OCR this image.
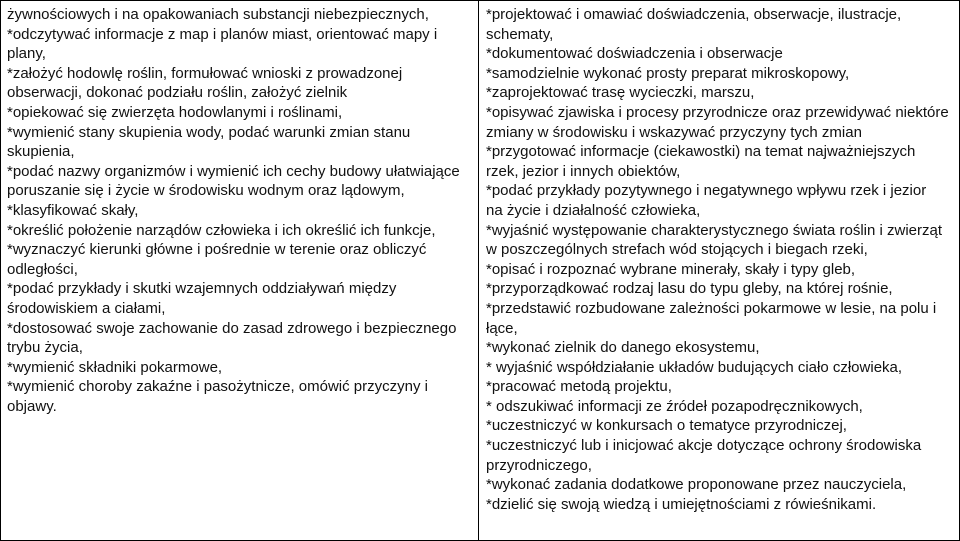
żywnościowych i na opakowaniach substancji niebezpiecznych,
*odczytywać informacje z map i planów miast, orientować mapy i
plany,
*założyć hodowlę roślin, formułować wnioski z prowadzonej
obserwacji, dokonać podziału roślin, założyć zielnik
*opiekować się zwierzęta hodowlanymi i roślinami,
*wymienić stany skupienia wody, podać warunki zmian stanu
skupienia,
*podać nazwy organizmów i wymienić ich cechy budowy ułatwiające
poruszanie się i życie w środowisku wodnym oraz lądowym,
*klasyfikować skały,
*określić położenie narządów człowieka i ich określić ich funkcje,
*wyznaczyć kierunki główne i pośrednie w terenie oraz obliczyć
odległości,
*podać przykłady i skutki wzajemnych oddziaływań między
środowiskiem a ciałami,
*dostosować swoje zachowanie do zasad zdrowego i bezpiecznego
trybu życia,
*wymienić składniki pokarmowe,
*wymienić choroby zakaźne i pasożytnicze, omówić przyczyny i
objawy.
*projektować i omawiać doświadczenia, obserwacje, ilustracje,
schematy,
*dokumentować doświadczenia i obserwacje
*samodzielnie wykonać prosty preparat mikroskopowy,
*zaprojektować trasę wycieczki, marszu,
*opisywać zjawiska i procesy przyrodnicze oraz przewidywać niektóre
zmiany w środowisku i wskazywać przyczyny tych zmian
*przygotować informacje (ciekawostki) na temat najważniejszych
rzek, jezior i innych obiektów,
*podać przykłady pozytywnego i negatywnego wpływu rzek i jezior
na życie i działalność człowieka,
*wyjaśnić występowanie charakterystycznego świata roślin i zwierząt
w poszczególnych strefach wód stojących i biegach rzeki,
*opisać i rozpoznać wybrane minerały, skały i typy gleb,
*przyporządkować rodzaj lasu do typu gleby, na której rośnie,
*przedstawić rozbudowane zależności pokarmowe w lesie, na polu i
łące,
*wykonać zielnik do danego ekosystemu,
* wyjaśnić współdziałanie układów budujących ciało człowieka,
*pracować metodą projektu,
* odszukiwać informacji ze źródeł pozapodręcznikowych,
*uczestniczyć w konkursach o tematyce przyrodniczej,
*uczestniczyć lub i inicjować akcje dotyczące ochrony środowiska
przyrodniczego,
*wykonać zadania dodatkowe proponowane przez nauczyciela,
*dzielić się swoją wiedzą i umiejętnościami z rówieśnikami.
